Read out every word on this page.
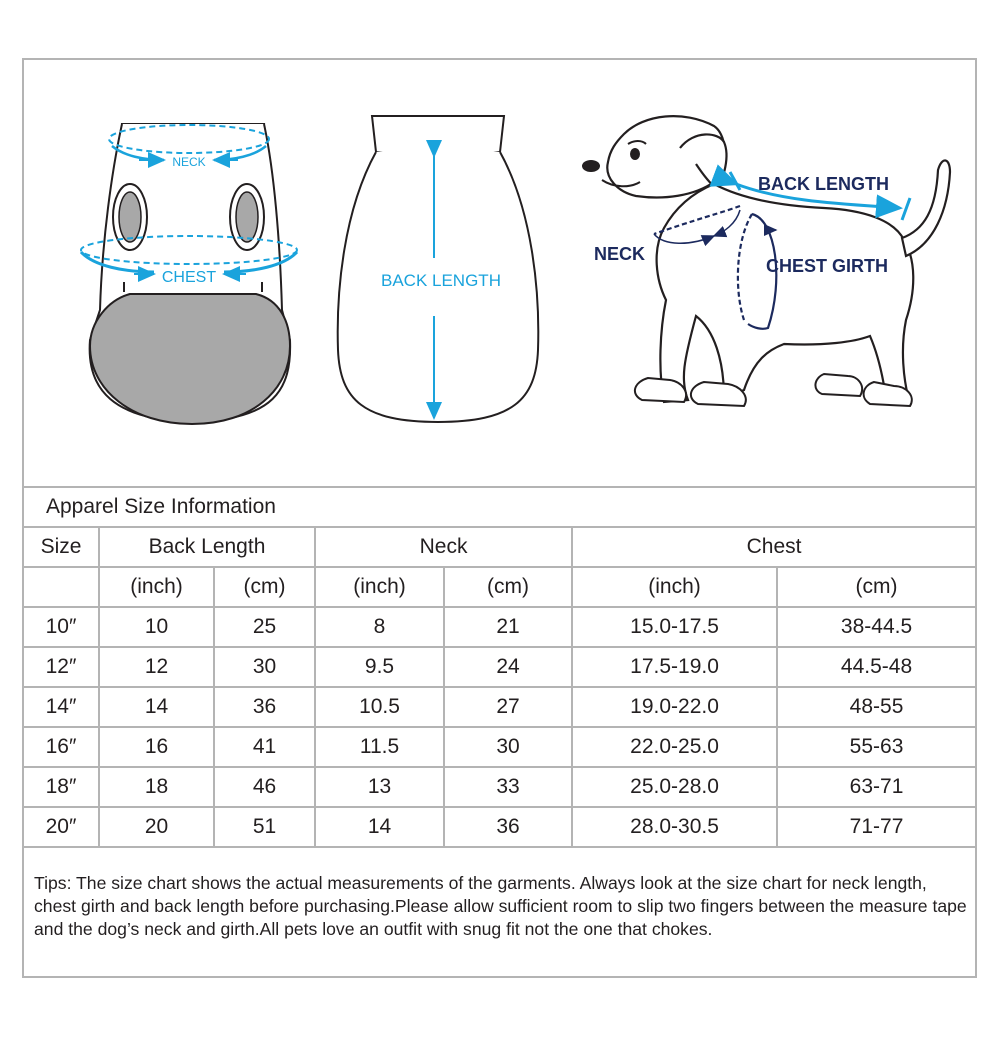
NECK
CHEST	BACK LENGTH
BACK LENGTH
NECK
CHEST GIRTH
Apparel Size Information
Size	Back Length		Neck		Chest	
	(inch)	(cm)	(inch)	(cm)	(inch)	(cm)
10″	10	25	8	21	15.0-17.5	38-44.5
12″	12	30	9.5	24	17.5-19.0	44.5-48
14″	14	36	10.5	27	19.0-22.0	48-55
16″	16	41	11.5	30	22.0-25.0	55-63
18″	18	46	13	33	25.0-28.0	63-71
20″	20	51	14	36	28.0-30.5	71-77
Tips: The size chart shows the actual measurements of the garments. Always look at the size chart for neck length, chest girth and back length before purchasing.Please allow sufficient room to slip two fingers between the measure tape and the dog’s neck and girth.All pets love an outfit with snug fit not the one that chokes.
